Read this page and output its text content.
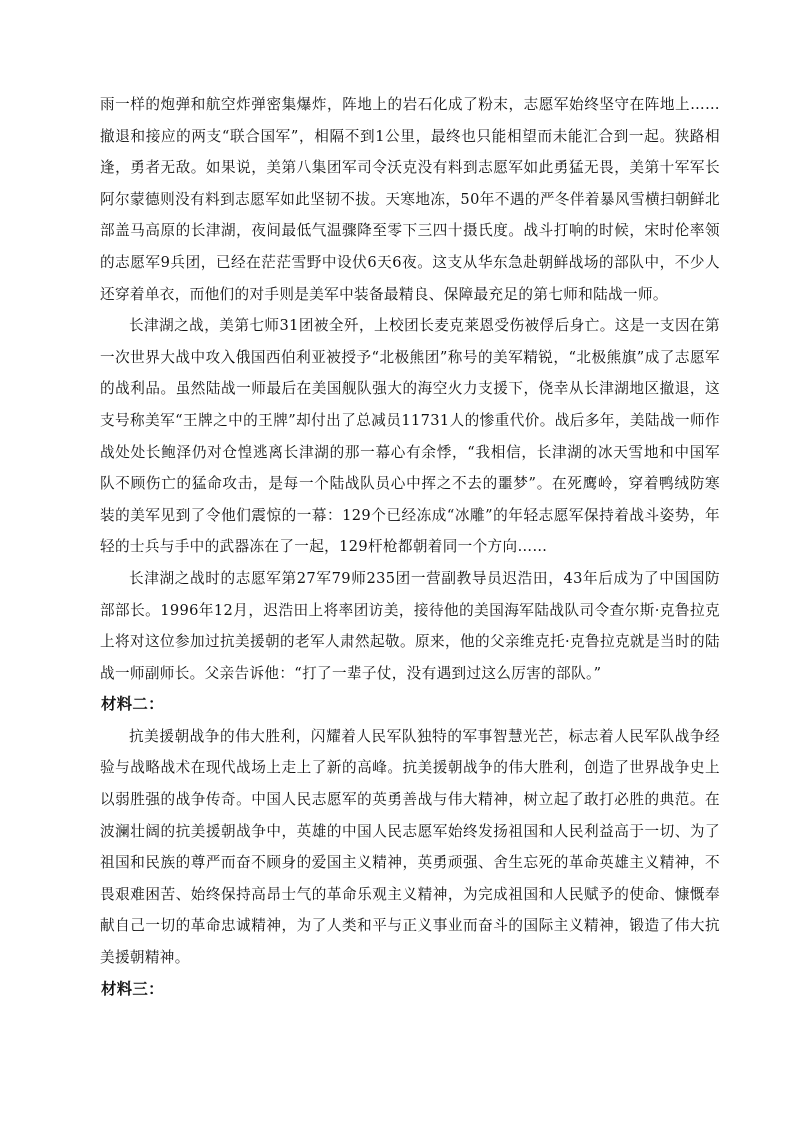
雨一样的炮弹和航空炸弹密集爆炸，阵地上的岩石化成了粉末，志愿军始终坚守在阵地上……撤退和接应的两支“联合国军”，相隔不到1公里，最终也只能相望而未能汇合到一起。狭路相逢，勇者无敌。如果说，美第八集团军司令沃克没有料到志愿军如此勇猛无畏，美第十军军长阿尔蒙德则没有料到志愿军如此坚韧不拔。天寒地冻，50年不遇的严冬伴着暴风雪横扫朝鲜北部盖马高原的长津湖，夜间最低气温骤降至零下三四十摄氏度。战斗打响的时候，宋时伦率领的志愿军9兵团，已经在茫茫雪野中设伏6天6夜。这支从华东急赴朝鲜战场的部队中，不少人还穿着单衣，而他们的对手则是美军中装备最精良、保障最充足的第七师和陆战一师。

长津湖之战，美第七师31团被全歼，上校团长麦克莱恩受伤被俘后身亡。这是一支因在第一次世界大战中攻入俄国西伯利亚被授予“北极熊团”称号的美军精锐，“北极熊旗”成了志愿军的战利品。虽然陆战一师最后在美国舰队强大的海空火力支援下，侥幸从长津湖地区撤退，这支号称美军“王牌之中的王牌”却付出了总减员11731人的惨重代价。战后多年，美陆战一师作战处处长鲍泽仍对仓惶逃离长津湖的那一幕心有余悸，“我相信，长津湖的冰天雪地和中国军队不顾伤亡的猛命攻击，是每一个陆战队员心中挥之不去的噩梦”。在死鹰岭，穿着鸭绒防寒装的美军见到了令他们震惊的一幕：129个已经冻成“冰雕”的年轻志愿军保持着战斗姿势，年轻的士兵与手中的武器冻在了一起，129杆枪都朝着同一个方向……

长津湖之战时的志愿军第27军79师235团一营副教导员迟浩田，43年后成为了中国国防部部长。1996年12月，迟浩田上将率团访美，接待他的美国海军陆战队司令查尔斯·克鲁拉克上将对这位参加过抗美援朝的老军人肃然起敬。原来，他的父亲维克托·克鲁拉克就是当时的陆战一师副师长。父亲告诉他：“打了一辈子仗，没有遇到过这么厉害的部队。”

材料二：

抗美援朝战争的伟大胜利，闪耀着人民军队独特的军事智慧光芒，标志着人民军队战争经验与战略战术在现代战场上走上了新的高峰。抗美援朝战争的伟大胜利，创造了世界战争史上以弱胜强的战争传奇。中国人民志愿军的英勇善战与伟大精神，树立起了敢打必胜的典范。在波澜壮阔的抗美援朝战争中，英雄的中国人民志愿军始终发扬祖国和人民利益高于一切、为了祖国和民族的尊严而奋不顾身的爱国主义精神，英勇顽强、舍生忘死的革命英雄主义精神，不畏艰难困苦、始终保持高昂士气的革命乐观主义精神，为完成祖国和人民赋予的使命、慷慨奉献自己一切的革命忠诚精神，为了人类和平与正义事业而奋斗的国际主义精神，锻造了伟大抗美援朝精神。

材料三：
